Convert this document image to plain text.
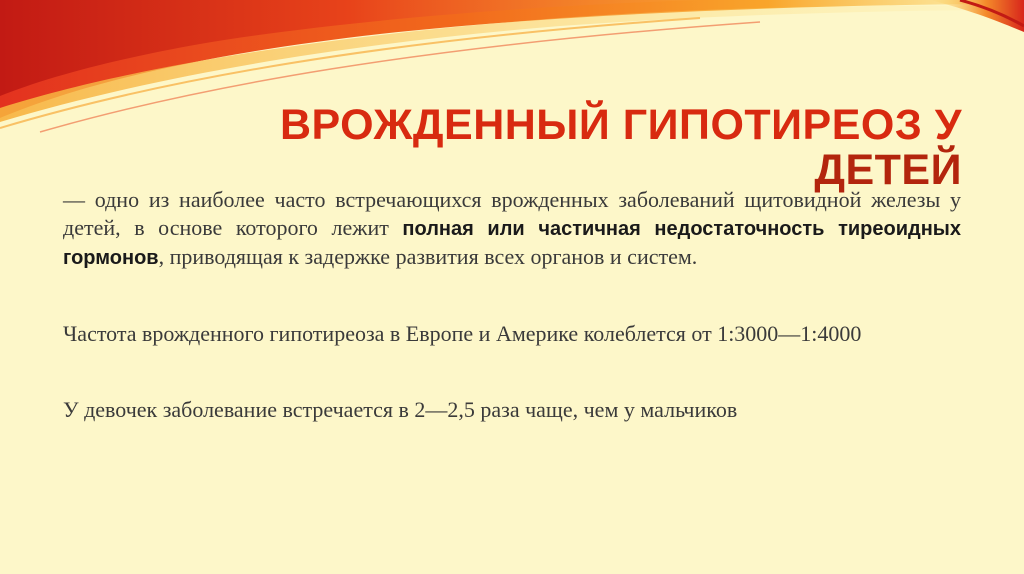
ВРОЖДЕННЫЙ ГИПОТИРЕОЗ У
ДЕТЕЙ

— одно из наиболее часто встречающихся врожденных заболеваний щитовидной железы у детей, в основе которого лежит полная или частичная недостаточность тиреоидных гормонов, приводящая к задержке развития всех органов и систем.

Частота врожденного гипотиреоза в Европе и Америке колеблется от 1:3000—1:4000

У девочек заболевание встречается в 2—2,5 раза чаще, чем у мальчиков
